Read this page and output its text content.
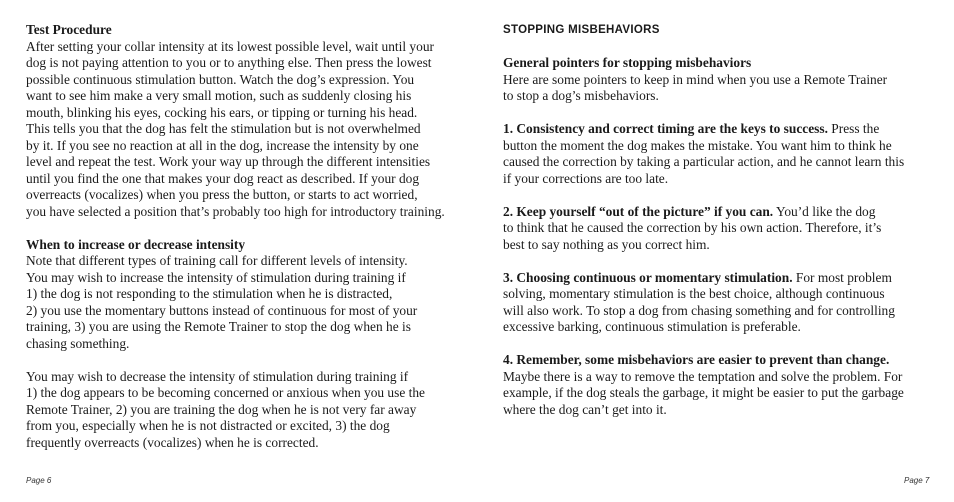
Test Procedure

After setting your collar intensity at its lowest possible level, wait until your

dog is not paying attention to you or to anything else. Then press the lowest

possible continuous stimulation button. Watch the dog’s expression. You

want to see him make a very small motion, such as suddenly closing his

mouth, blinking his eyes, cocking his ears, or tipping or turning his head.

This tells you that the dog has felt the stimulation but is not overwhelmed

by it. If you see no reaction at all in the dog, increase the intensity by one

level and repeat the test. Work your way up through the different intensities

until you find the one that makes your dog react as described. If your dog

overreacts (vocalizes) when you press the button, or starts to act worried,

you have selected a position that’s probably too high for introductory training.

When to increase or decrease intensity

Note that different types of training call for different levels of intensity.

You may wish to increase the intensity of stimulation during training if

1) the dog is not responding to the stimulation when he is distracted,

2) you use the momentary buttons instead of continuous for most of your

training, 3) you are using the Remote Trainer to stop the dog when he is

chasing something.

You may wish to decrease the intensity of stimulation during training if

1) the dog appears to be becoming concerned or anxious when you use the

Remote Trainer, 2) you are training the dog when he is not very far away

from you, especially when he is not distracted or excited, 3) the dog

frequently overreacts (vocalizes) when he is corrected.

STOPPING MISBEHAVIORS

General pointers for stopping misbehaviors

Here are some pointers to keep in mind when you use a Remote Trainer

to stop a dog’s misbehaviors.

1. Consistency and correct timing are the keys to success. Press the

button the moment the dog makes the mistake. You want him to think he

caused the correction by taking a particular action, and he cannot learn this

if your corrections are too late.

2. Keep yourself “out of the picture” if you can. You’d like the dog

to think that he caused the correction by his own action. Therefore, it’s

best to say nothing as you correct him.

3. Choosing continuous or momentary stimulation. For most problem

solving, momentary stimulation is the best choice, although continuous

will also work. To stop a dog from chasing something and for controlling

excessive barking, continuous stimulation is preferable.

4. Remember, some misbehaviors are easier to prevent than change.

Maybe there is a way to remove the temptation and solve the problem. For

example, if the dog steals the garbage, it might be easier to put the garbage

where the dog can’t get into it.

Page 6	Page 7
